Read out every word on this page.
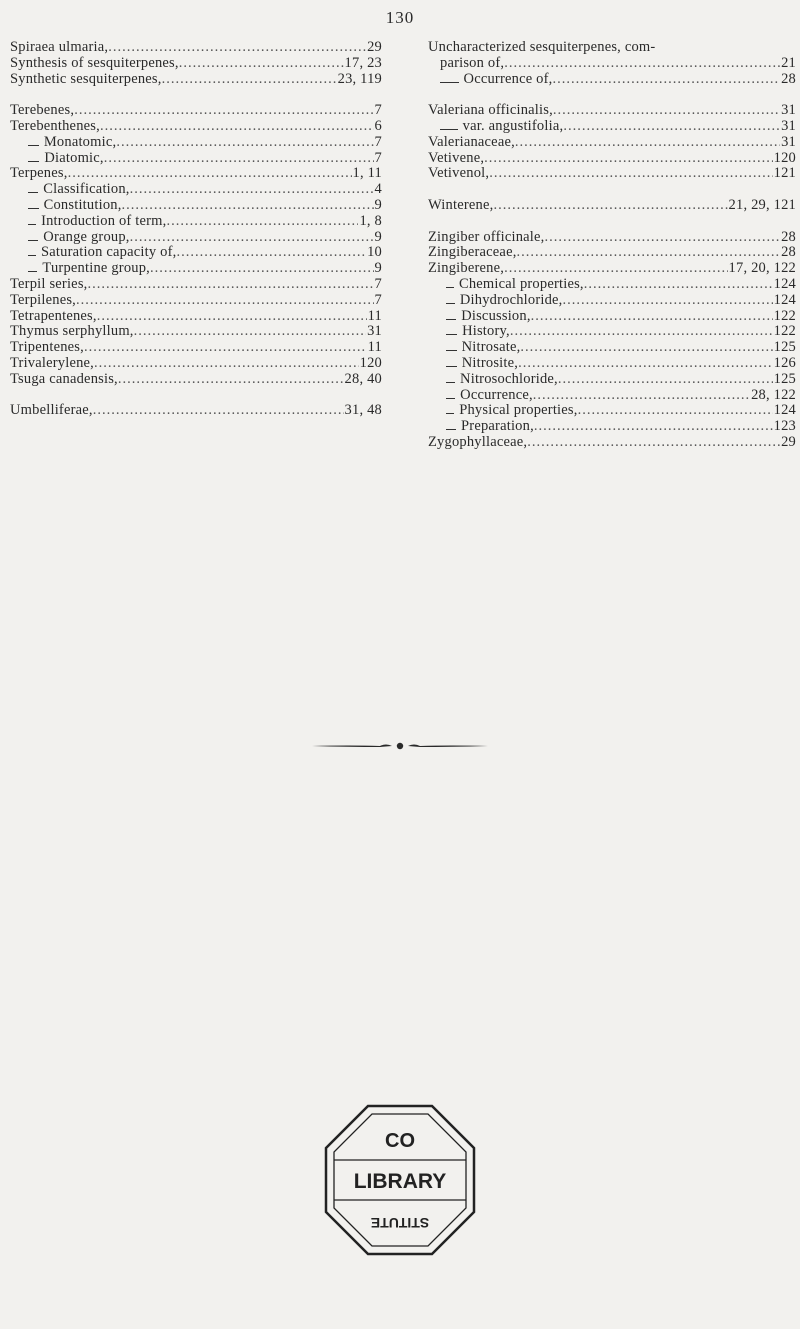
130
Spiraea ulmaria, .....	29
Synthesis of sesquiterpenes, .....	17, 23
Synthetic sesquiterpenes, .....	23, 119
Terebenes, .....	7
Terebenthenes, .....	6
Monatomic, .....	7
Diatomic, .....	7
Terpenes, .....	1, 11
Classification, .....	4
Constitution, .....	9
Introduction of term, .....	1, 8
Orange group, .....	9
Saturation capacity of, .....	10
Turpentine group, .....	9
Terpil series, .....	7
Terpilenes, .....	7
Tetrapentenes, .....	11
Thymus serphyllum, .....	31
Tripentenes, .....	11
Trivalerylene, .....	120
Tsuga canadensis, .....	28, 40
Umbelliferae, .....	31, 48
Uncharacterized sesquiterpenes, com-
parison of, .....	21
Occurrence of, .....	28
Valeriana officinalis, .....	31
var. angustifolia, .....	31
Valerianaceae, .....	31
Vetivene, .....	120
Vetivenol, .....	121
Winterene, .....	21, 29, 121
Zingiber officinale, .....	28
Zingiberaceae, .....	28
Zingiberene, .....	17, 20, 122
Chemical properties, .....	124
Dihydrochloride, .....	124
Discussion, .....	122
History, .....	122
Nitrosate, .....	125
Nitrosite, .....	126
Nitrosochloride, .....	125
Occurrence, .....	28, 122
Physical properties, .....	124
Preparation, .....	123
Zygophyllaceae, .....	29
CO
LIBRARY
STITUTE
